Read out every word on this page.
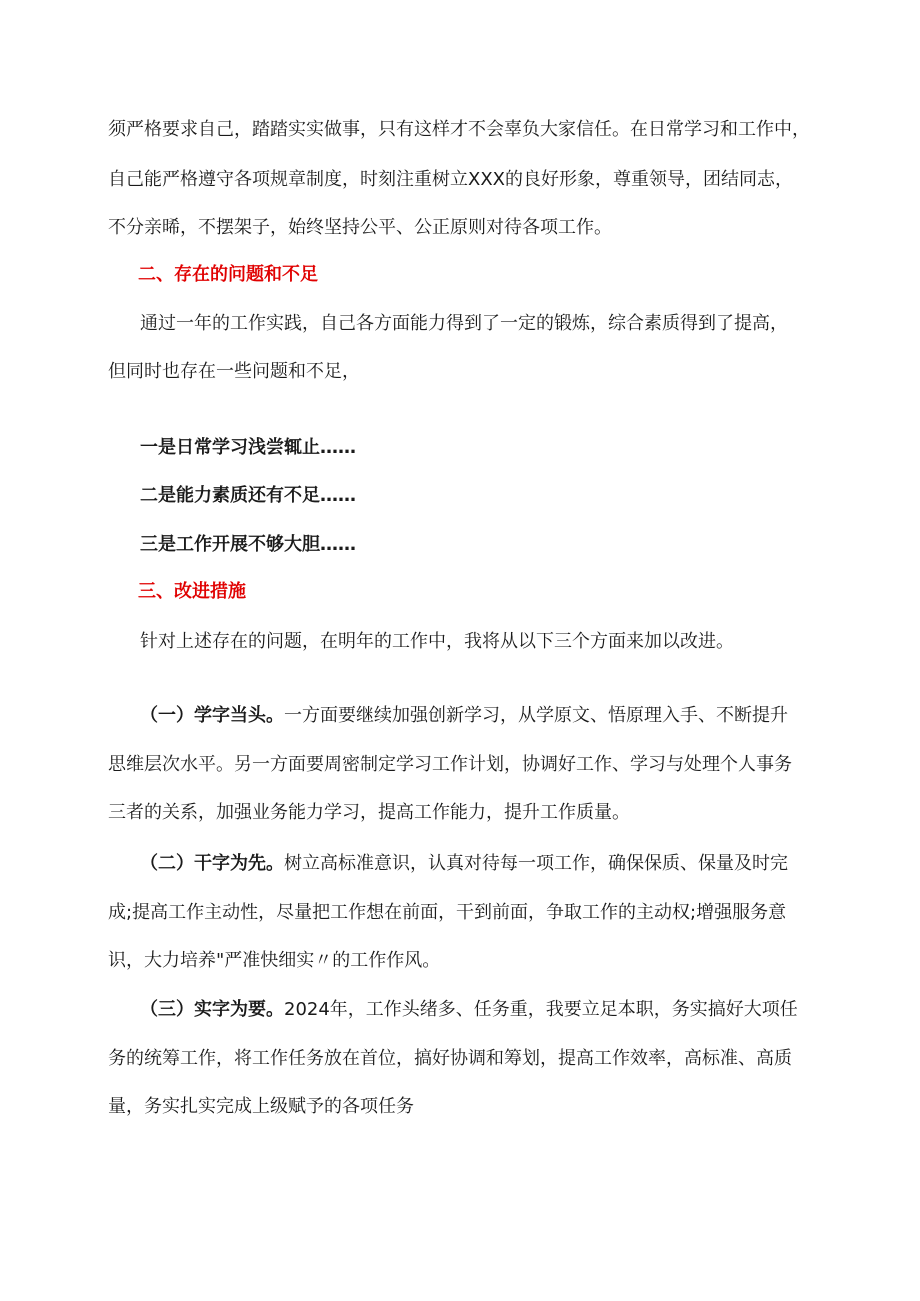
须严格要求自己，踏踏实实做事，只有这样才不会辜负大家信任。在日常学习和工作中，
自己能严格遵守各项规章制度，时刻注重树立XXX的良好形象，尊重领导，团结同志，
不分亲晞，不摆架子，始终坚持公平、公正原则对待各项工作。
二、存在的问题和不足
通过一年的工作实践，自己各方面能力得到了一定的锻炼，综合素质得到了提高，
但同时也存在一些问题和不足，
一是日常学习浅尝辄止……
二是能力素质还有不足……
三是工作开展不够大胆……
三、改进措施
针对上述存在的问题，在明年的工作中，我将从以下三个方面来加以改进。
（一）学字当头。一方面要继续加强创新学习，从学原文、悟原理入手、不断提升
思维层次水平。另一方面要周密制定学习工作计划，协调好工作、学习与处理个人事务
三者的关系，加强业务能力学习，提高工作能力，提升工作质量。
（二）干字为先。树立高标准意识，认真对待每一项工作，确保保质、保量及时完
成;提高工作主动性，尽量把工作想在前面，干到前面，争取工作的主动权;增强服务意
识，大力培养"严准快细实〃的工作作风。
（三）实字为要。2024年，工作头绪多、任务重，我要立足本职，务实搞好大项任
务的统筹工作，将工作任务放在首位，搞好协调和筹划，提高工作效率，高标准、高质
量，务实扎实完成上级赋予的各项任务
